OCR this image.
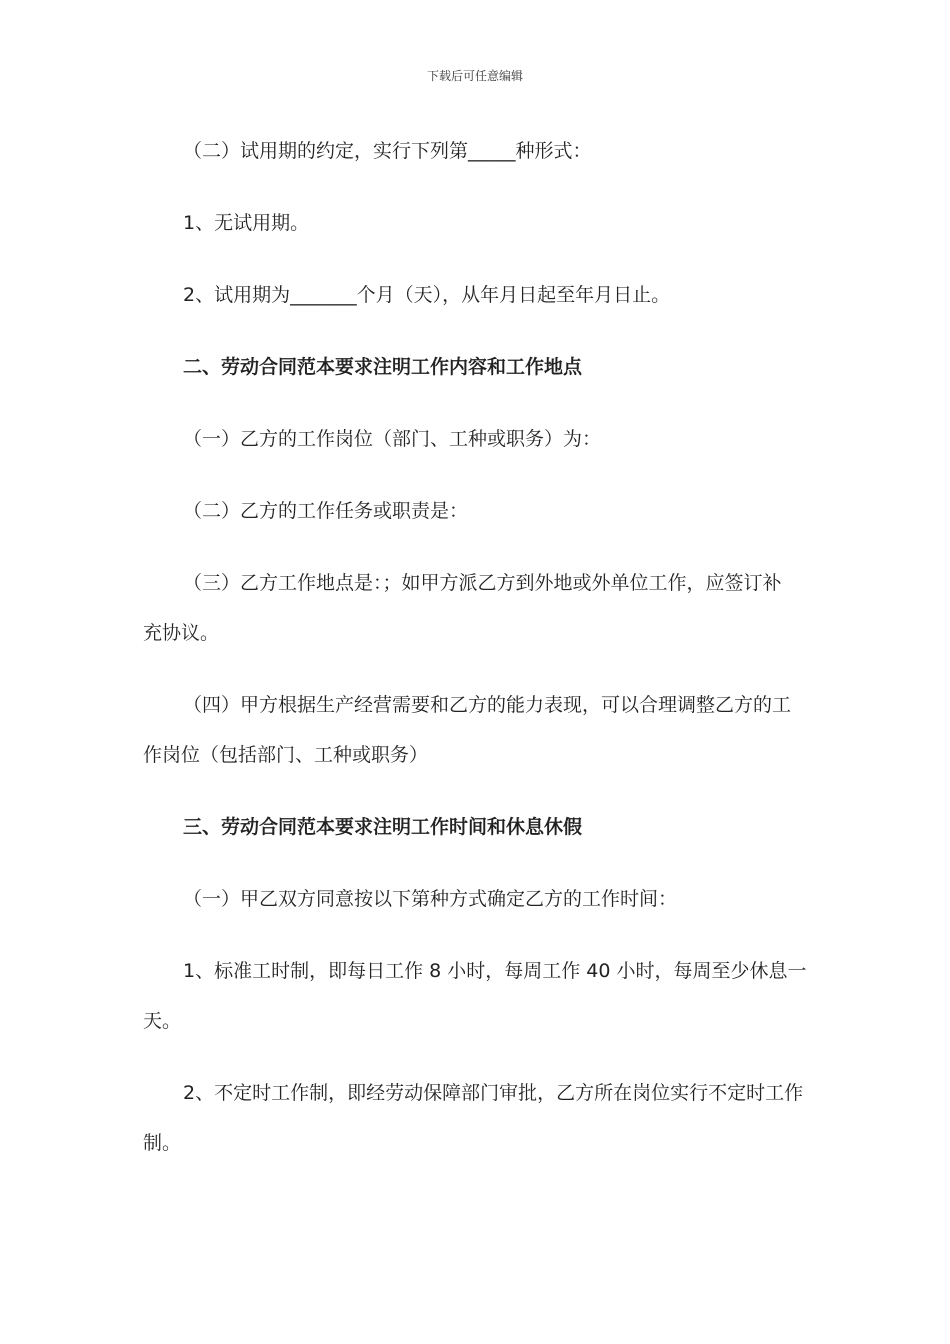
下载后可任意编辑
（二）试用期的约定，实行下列第_____种形式：
1、无试用期。
2、试用期为_______个月（天），从年月日起至年月日止。
二、劳动合同范本要求注明工作内容和工作地点
（一）乙方的工作岗位（部门、工种或职务）为：
（二）乙方的工作任务或职责是：
（三）乙方工作地点是：；如甲方派乙方到外地或外单位工作，应签订补
充协议。
（四）甲方根据生产经营需要和乙方的能力表现，可以合理调整乙方的工
作岗位（包括部门、工种或职务）
三、劳动合同范本要求注明工作时间和休息休假
（一）甲乙双方同意按以下第种方式确定乙方的工作时间：
1、标准工时制，即每日工作 8 小时，每周工作 40 小时，每周至少休息一
天。
2、不定时工作制，即经劳动保障部门审批，乙方所在岗位实行不定时工作
制。
